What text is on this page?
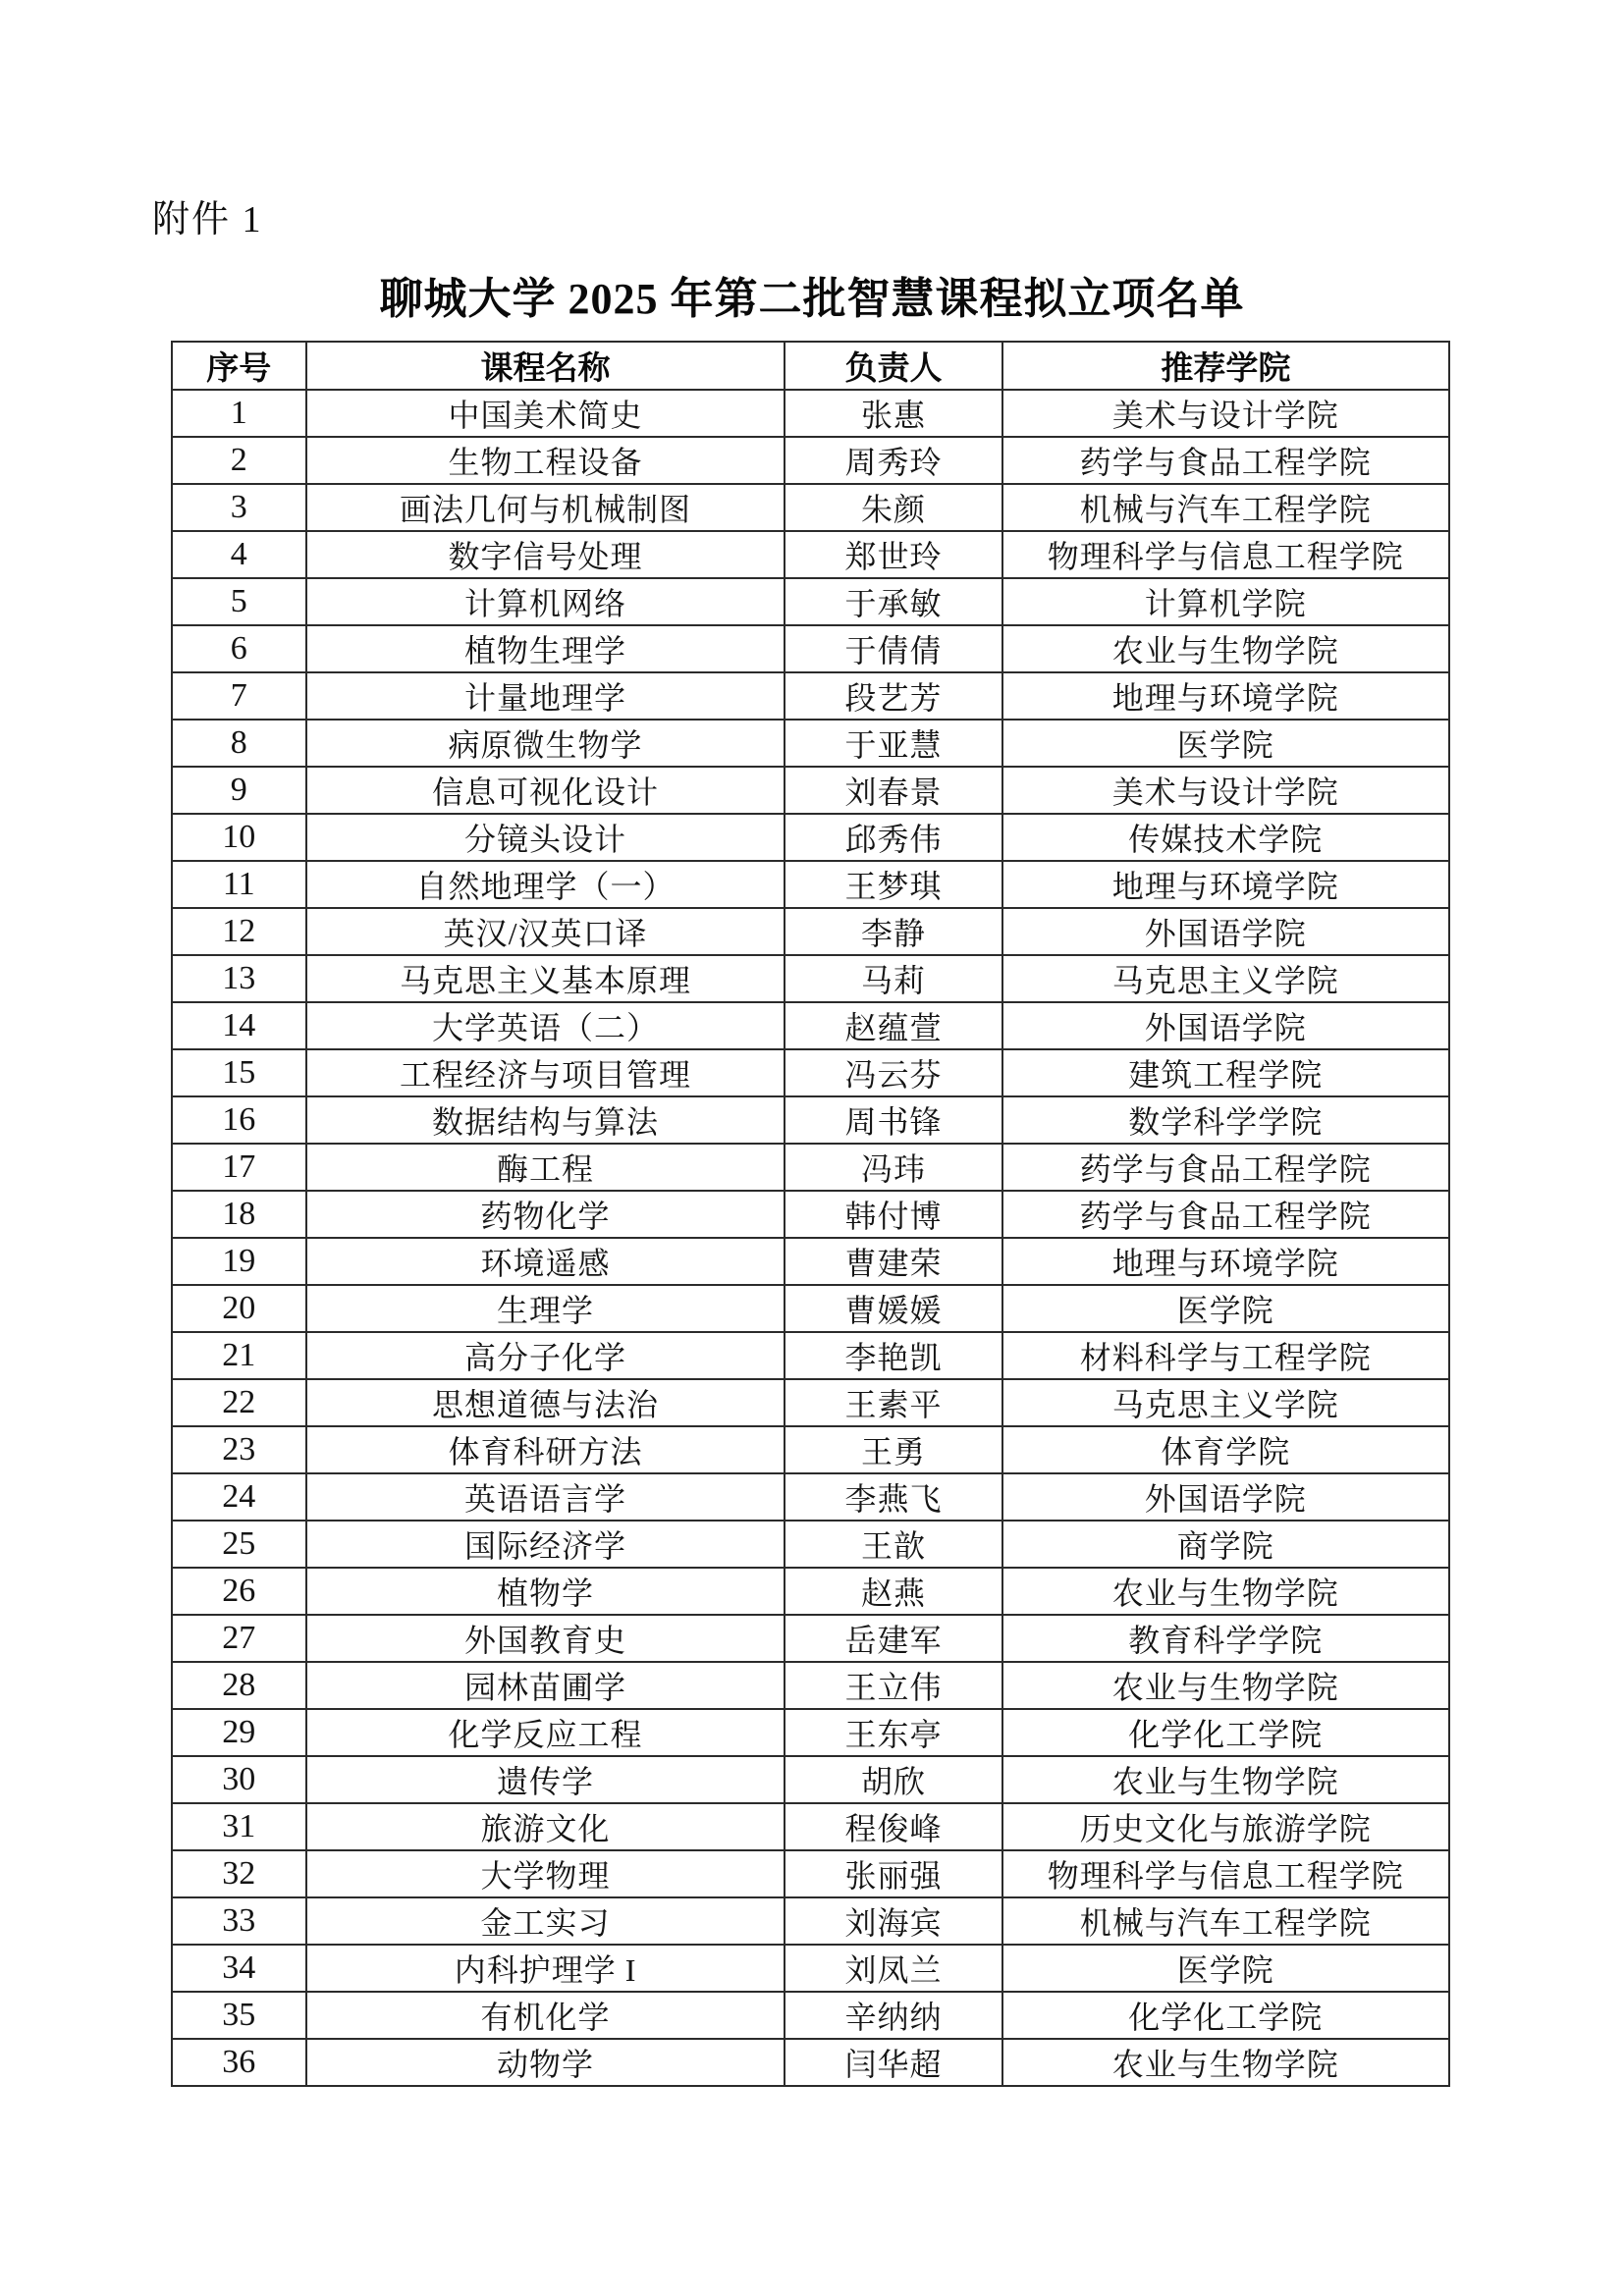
附件 1
聊城大学 2025 年第二批智慧课程拟立项名单
序号	课程名称	负责人	推荐学院
1	中国美术简史	张惠	美术与设计学院
2	生物工程设备	周秀玲	药学与食品工程学院
3	画法几何与机械制图	朱颜	机械与汽车工程学院
4	数字信号处理	郑世玲	物理科学与信息工程学院
5	计算机网络	于承敏	计算机学院
6	植物生理学	于倩倩	农业与生物学院
7	计量地理学	段艺芳	地理与环境学院
8	病原微生物学	于亚慧	医学院
9	信息可视化设计	刘春景	美术与设计学院
10	分镜头设计	邱秀伟	传媒技术学院
11	自然地理学（一）	王梦琪	地理与环境学院
12	英汉/汉英口译	李静	外国语学院
13	马克思主义基本原理	马莉	马克思主义学院
14	大学英语（二）	赵蕴萱	外国语学院
15	工程经济与项目管理	冯云芬	建筑工程学院
16	数据结构与算法	周书锋	数学科学学院
17	酶工程	冯玮	药学与食品工程学院
18	药物化学	韩付博	药学与食品工程学院
19	环境遥感	曹建荣	地理与环境学院
20	生理学	曹媛媛	医学院
21	高分子化学	李艳凯	材料科学与工程学院
22	思想道德与法治	王素平	马克思主义学院
23	体育科研方法	王勇	体育学院
24	英语语言学	李燕飞	外国语学院
25	国际经济学	王歆	商学院
26	植物学	赵燕	农业与生物学院
27	外国教育史	岳建军	教育科学学院
28	园林苗圃学	王立伟	农业与生物学院
29	化学反应工程	王东亭	化学化工学院
30	遗传学	胡欣	农业与生物学院
31	旅游文化	程俊峰	历史文化与旅游学院
32	大学物理	张丽强	物理科学与信息工程学院
33	金工实习	刘海宾	机械与汽车工程学院
34	内科护理学 I	刘凤兰	医学院
35	有机化学	辛纳纳	化学化工学院
36	动物学	闫华超	农业与生物学院
